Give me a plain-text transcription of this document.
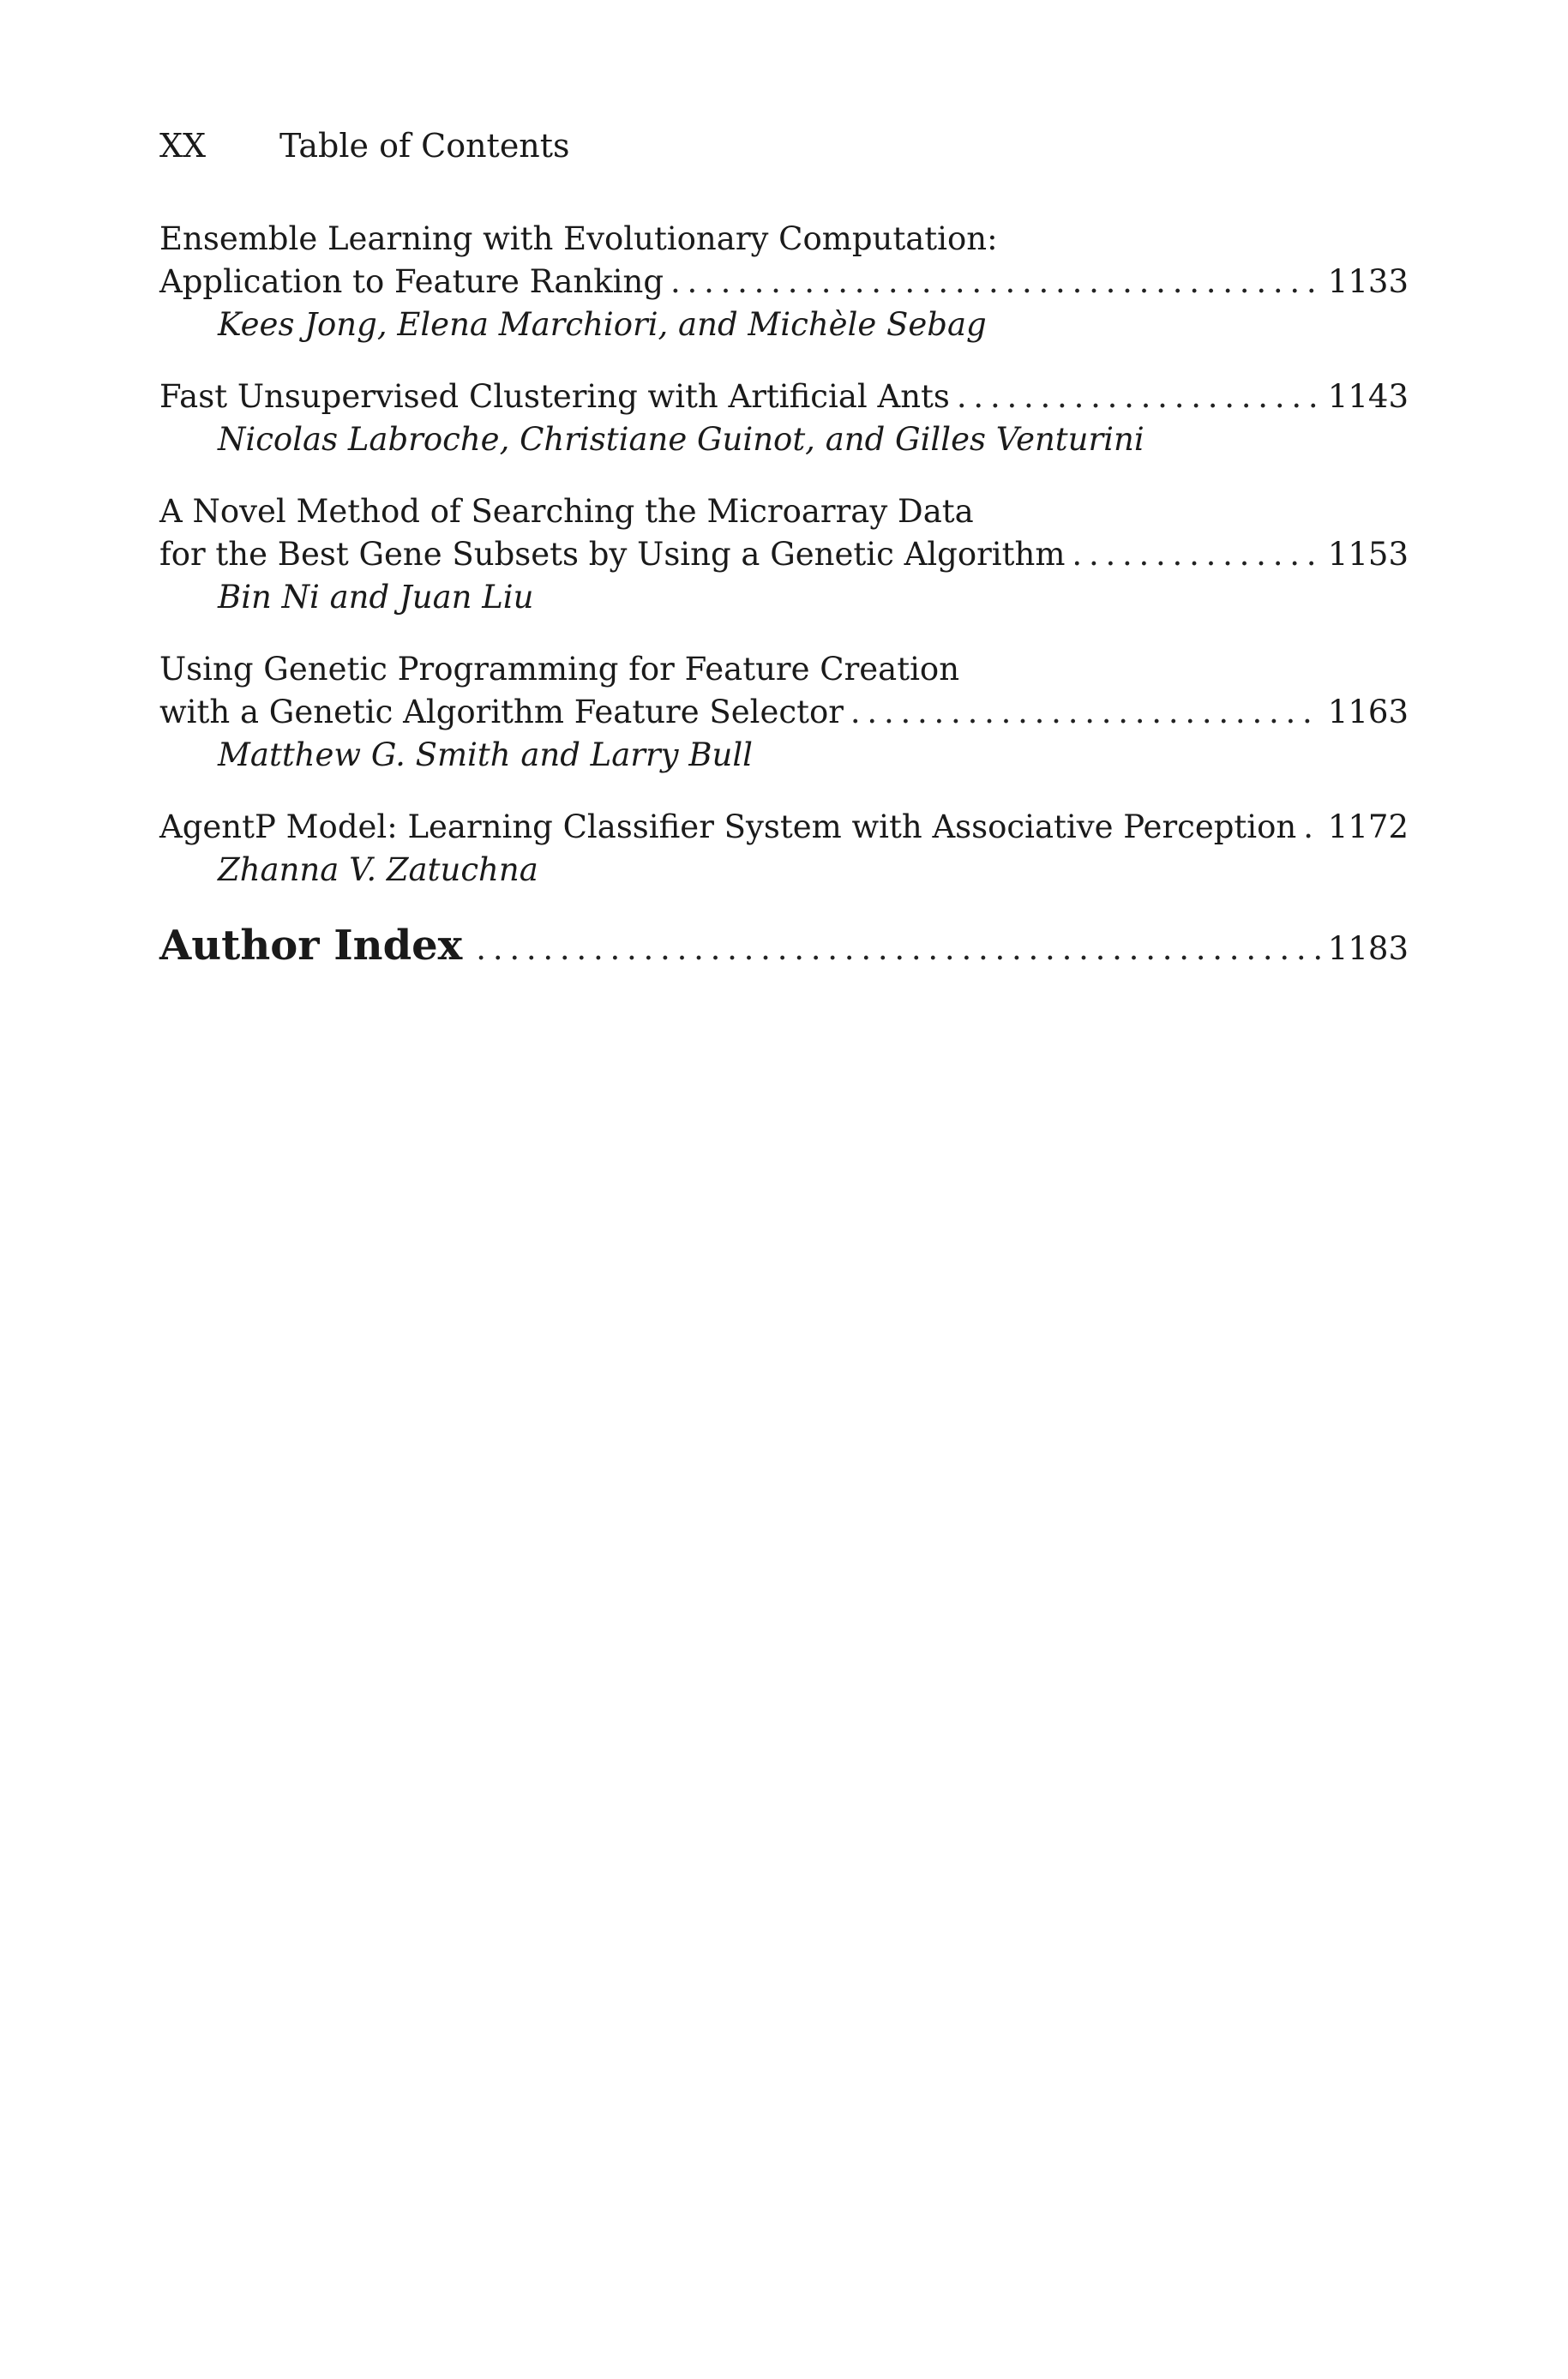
XX Table of Contents
Ensemble Learning with Evolutionary Computation:
Application to Feature Ranking . . .	1133
Kees Jong, Elena Marchiori, and Michèle Sebag
Fast Unsupervised Clustering with Artificial Ants . . .	1143
Nicolas Labroche, Christiane Guinot, and Gilles Venturini
A Novel Method of Searching the Microarray Data
for the Best Gene Subsets by Using a Genetic Algorithm . . .	1153
Bin Ni and Juan Liu
Using Genetic Programming for Feature Creation
with a Genetic Algorithm Feature Selector . . .	1163
Matthew G. Smith and Larry Bull
AgentP Model: Learning Classifier System with Associative Perception . . . 1172
Zhanna V. Zatuchna
Author Index . . .	1183
